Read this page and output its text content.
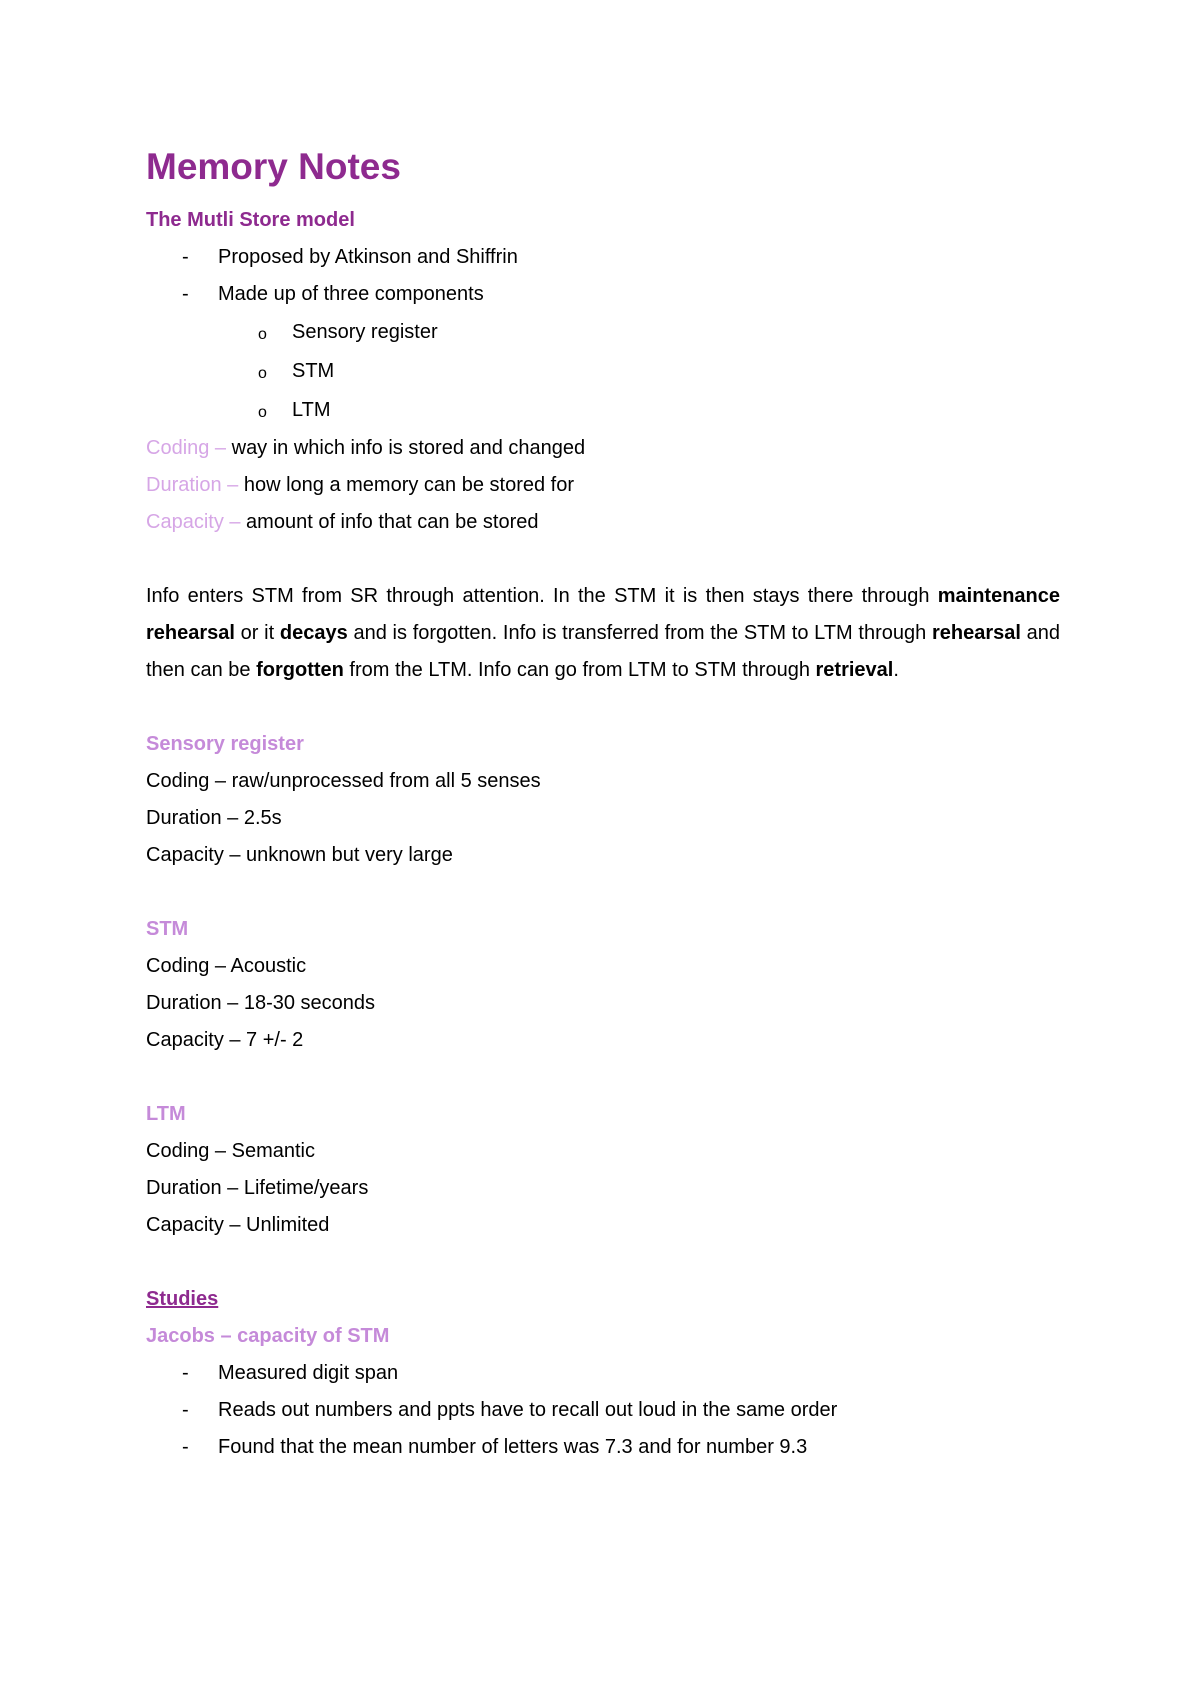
Memory Notes
The Mutli Store model
- Proposed by Atkinson and Shiffrin
- Made up of three components
o Sensory register
o STM
o LTM
Coding – way in which info is stored and changed
Duration – how long a memory can be stored for
Capacity – amount of info that can be stored
Info enters STM from SR through attention. In the STM it is then stays there through maintenance rehearsal or it decays and is forgotten. Info is transferred from the STM to LTM through rehearsal and then can be forgotten from the LTM. Info can go from LTM to STM through retrieval.
Sensory register
Coding – raw/unprocessed from all 5 senses
Duration – 2.5s
Capacity – unknown but very large
STM
Coding – Acoustic
Duration – 18-30 seconds
Capacity – 7 +/- 2
LTM
Coding – Semantic
Duration – Lifetime/years
Capacity – Unlimited
Studies
Jacobs – capacity of STM
- Measured digit span
- Reads out numbers and ppts have to recall out loud in the same order
- Found that the mean number of letters was 7.3 and for number 9.3
